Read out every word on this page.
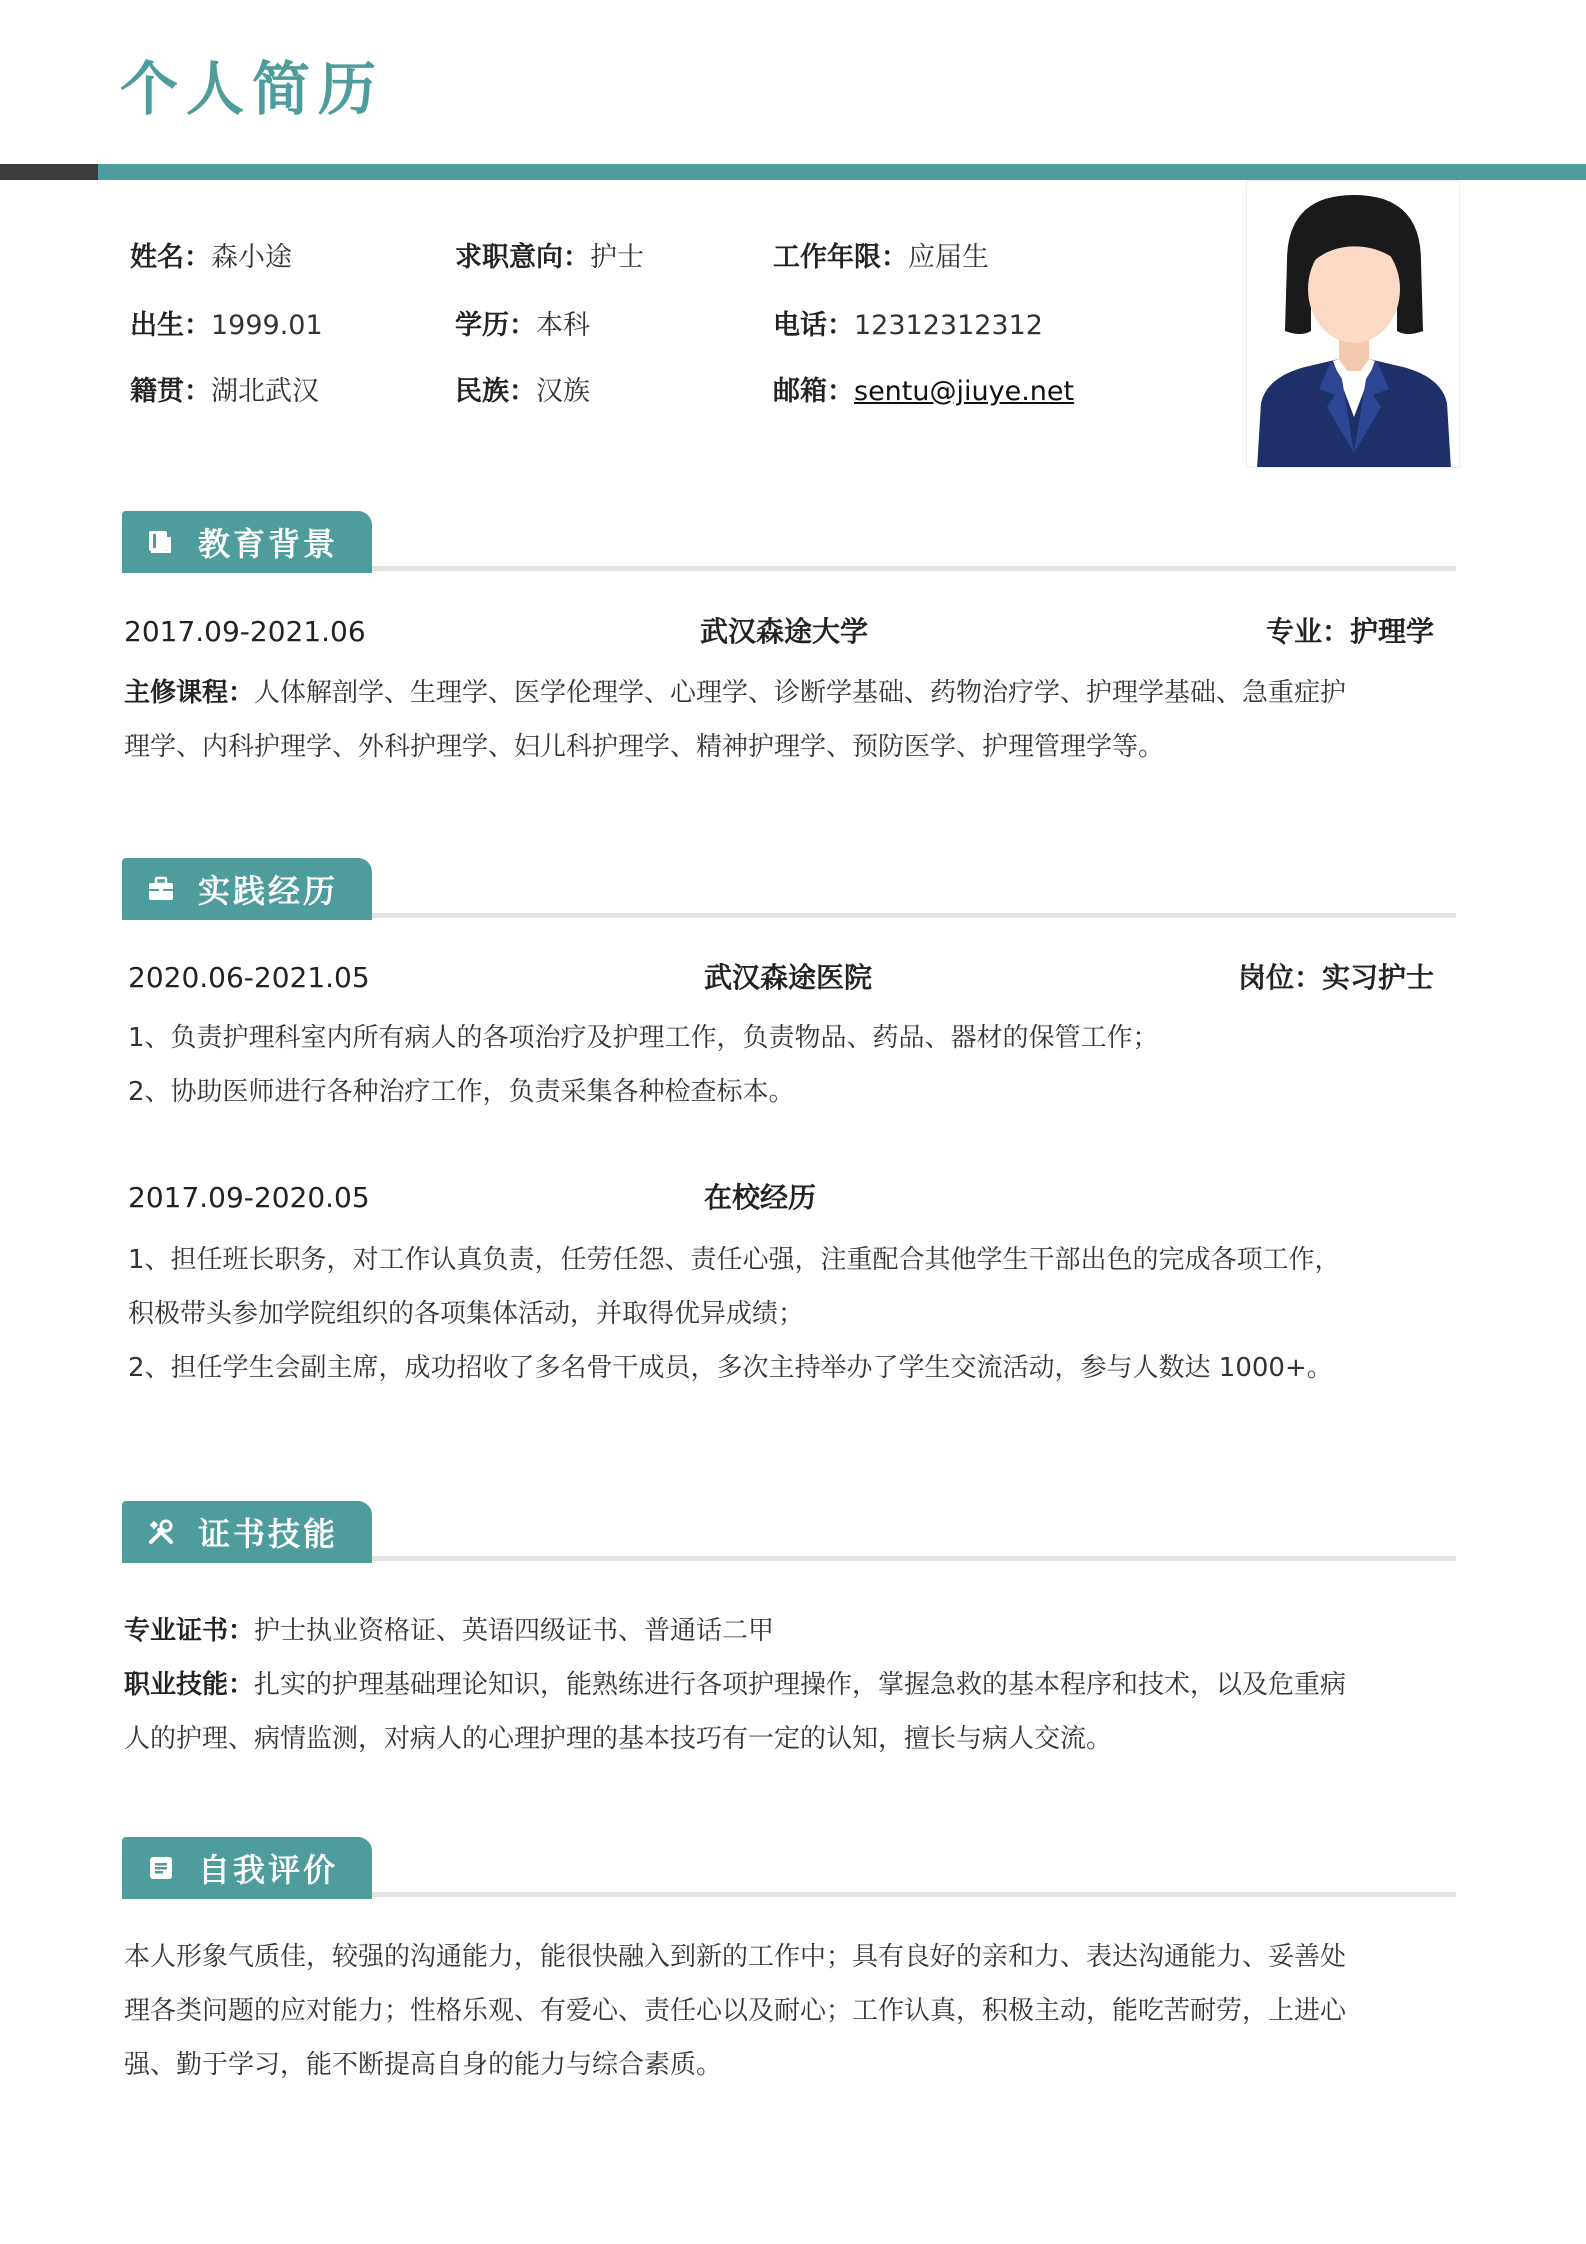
个人简历
姓名：森小途	求职意向：护士	工作年限：应届生
出生：1999.01	学历：本科	电话：12312312312
籍贯：湖北武汉	民族：汉族	邮箱：sentu@jiuye.net
教育背景
2017.09-2021.06	武汉森途大学	专业：护理学

主修课程：人体解剖学、生理学、医学伦理学、心理学、诊断学基础、药物治疗学、护理学基础、急重症护

理学、内科护理学、外科护理学、妇儿科护理学、精神护理学、预防医学、护理管理学等。

实践经历
2020.06-2021.05	武汉森途医院	岗位：实习护士

1、负责护理科室内所有病人的各项治疗及护理工作，负责物品、药品、器材的保管工作；

2、协助医师进行各种治疗工作，负责采集各种检查标本。

2017.09-2020.05	在校经历

1、担任班长职务，对工作认真负责，任劳任怨、责任心强，注重配合其他学生干部出色的完成各项工作，

积极带头参加学院组织的各项集体活动，并取得优异成绩；

2、担任学生会副主席，成功招收了多名骨干成员，多次主持举办了学生交流活动，参与人数达 1000+。

证书技能

专业证书：护士执业资格证、英语四级证书、普通话二甲

职业技能：扎实的护理基础理论知识，能熟练进行各项护理操作，掌握急救的基本程序和技术，以及危重病

人的护理、病情监测，对病人的心理护理的基本技巧有一定的认知，擅长与病人交流。

自我评价

本人形象气质佳，较强的沟通能力，能很快融入到新的工作中；具有良好的亲和力、表达沟通能力、妥善处

理各类问题的应对能力；性格乐观、有爱心、责任心以及耐心；工作认真，积极主动，能吃苦耐劳，上进心

强、勤于学习，能不断提高自身的能力与综合素质。
